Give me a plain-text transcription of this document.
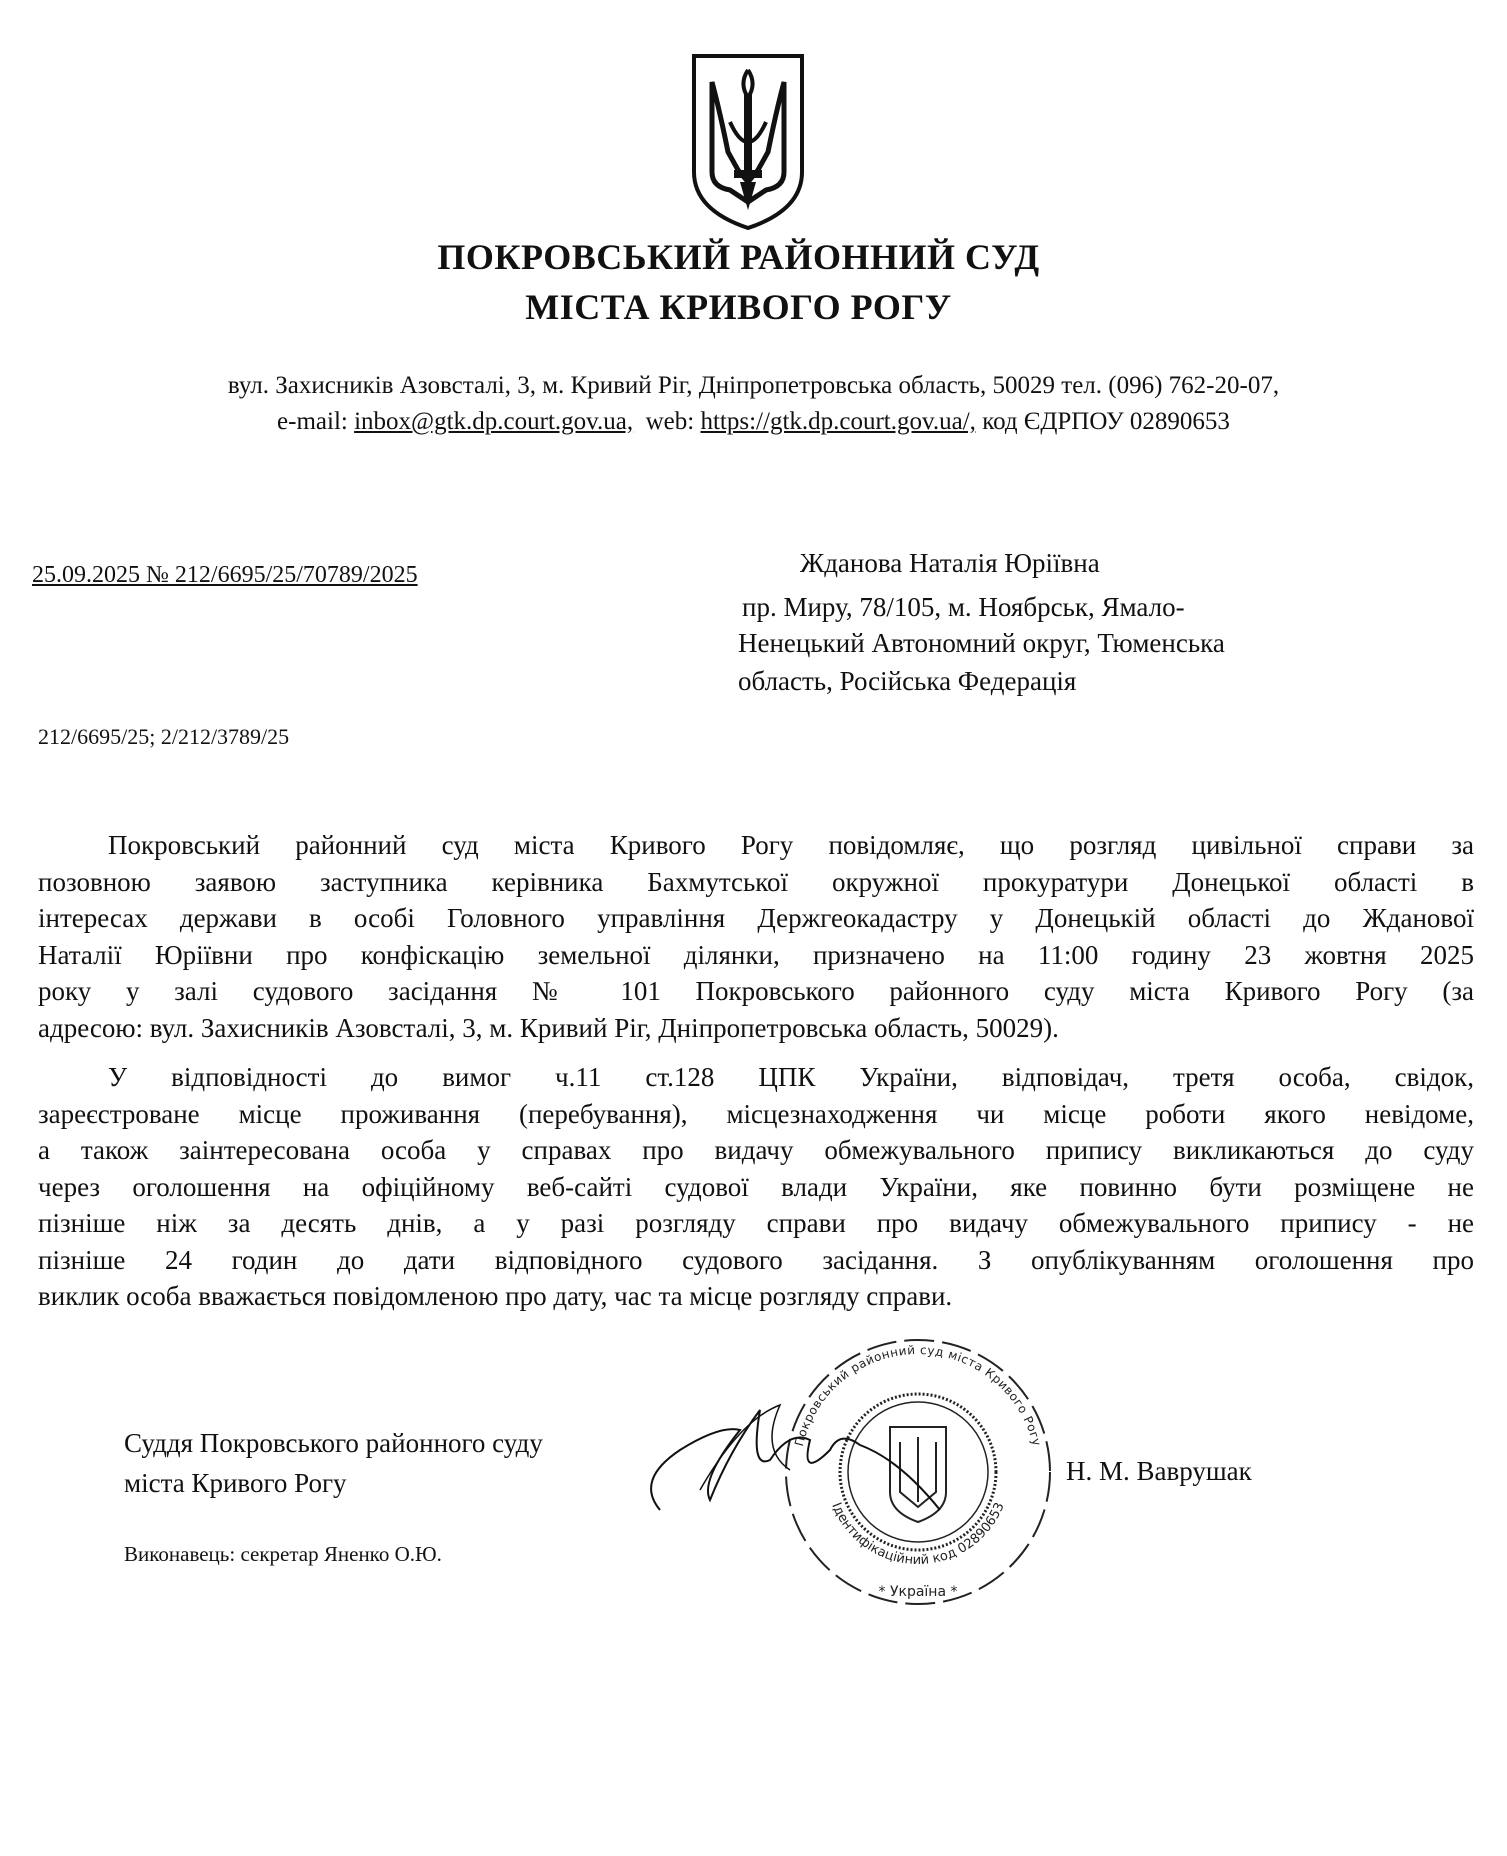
ПОКРОВСЬКИЙ РАЙОННИЙ СУД
МІСТА КРИВОГО РОГУ
вул. Захисників Азовсталі, 3, м. Кривий Ріг, Дніпропетровська область, 50029 тел. (096) 762-20-07,
e-mail: inbox@gtk.dp.court.gov.ua, web: https://gtk.dp.court.gov.ua/, код ЄДРПОУ 02890653
25.09.2025 № 212/6695/25/70789/2025	Жданова Наталія Юріївна
пр. Миру, 78/105, м. Ноябрськ, Ямало-
Ненецький Автономний округ, Тюменська
область, Російська Федерація
212/6695/25; 2/212/3789/25
Покровський районний суд міста Кривого Рогу повідомляє, що розгляд цивільної справи за
позовною заявою заступника керівника Бахмутської окружної прокуратури Донецької області в
інтересах держави в особі Головного управління Держгеокадастру у Донецькій області до Жданової
Наталії Юріївни про конфіскацію земельної ділянки, призначено на 11:00 годину 23 жовтня 2025
року у залі судового засідання № 101 Покровського районного суду міста Кривого Рогу (за
адресою: вул. Захисників Азовсталі, 3, м. Кривий Ріг, Дніпропетровська область, 50029).
У відповідності до вимог ч.11 ст.128 ЦПК України, відповідач, третя особа, свідок,
зареєстроване місце проживання (перебування), місцезнаходження чи місце роботи якого невідоме,
а також заінтересована особа у справах про видачу обмежувального припису викликаються до суду
через оголошення на офіційному веб-сайті судової влади України, яке повинно бути розміщене не
пізніше ніж за десять днів, а у разі розгляду справи про видачу обмежувального припису - не
пізніше 24 годин до дати відповідного судового засідання. З опублікуванням оголошення про
виклик особа вважається повідомленою про дату, час та місце розгляду справи.
Суддя Покровського районного суду
міста Кривого Рогу
Виконавець: секретар Яненко О.Ю.
Н. М. Ваврушак
Покровський районний суд міста Кривого Рогу
Ідентифікаційний код 02890653
* Україна *
